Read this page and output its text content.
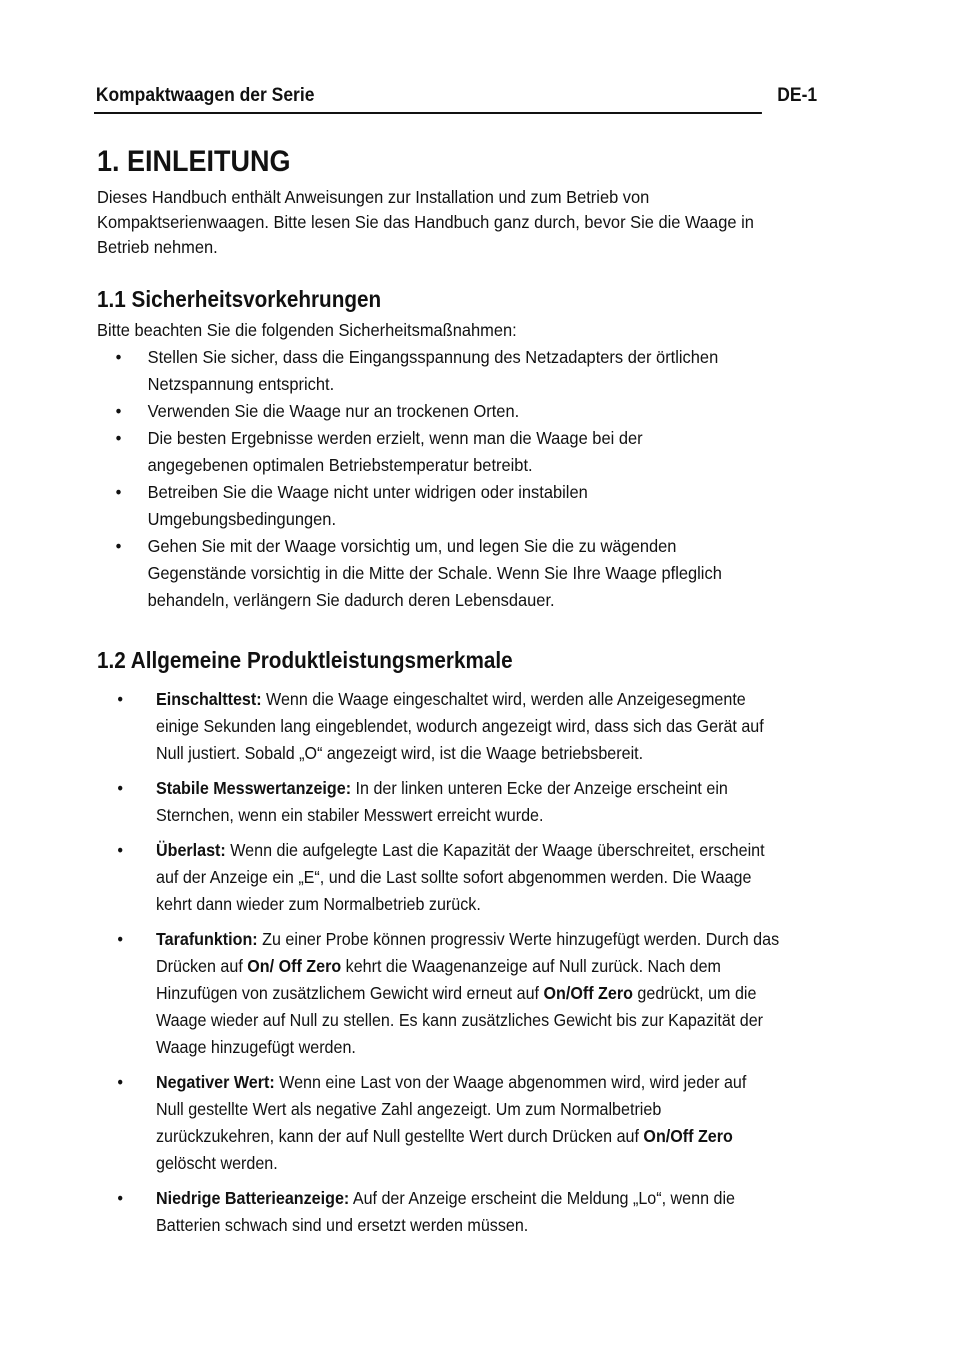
Kompaktwaagen der Serie	DE-1
1. EINLEITUNG
Dieses Handbuch enthält Anweisungen zur Installation und zum Betrieb von
Kompaktserienwaagen. Bitte lesen Sie das Handbuch ganz durch, bevor Sie die Waage in
Betrieb nehmen.
1.1 Sicherheitsvorkehrungen
Bitte beachten Sie die folgenden Sicherheitsmaßnahmen:
• Stellen Sie sicher, dass die Eingangsspannung des Netzadapters der örtlichen
Netzspannung entspricht.
• Verwenden Sie die Waage nur an trockenen Orten.
• Die besten Ergebnisse werden erzielt, wenn man die Waage bei der
angegebenen optimalen Betriebstemperatur betreibt.
• Betreiben Sie die Waage nicht unter widrigen oder instabilen
Umgebungsbedingungen.
• Gehen Sie mit der Waage vorsichtig um, und legen Sie die zu wägenden
Gegenstände vorsichtig in die Mitte der Schale. Wenn Sie Ihre Waage pfleglich
behandeln, verlängern Sie dadurch deren Lebensdauer.
1.2 Allgemeine Produktleistungsmerkmale
• Einschalttest: Wenn die Waage eingeschaltet wird, werden alle Anzeigesegmente
einige Sekunden lang eingeblendet, wodurch angezeigt wird, dass sich das Gerät auf
Null justiert. Sobald „O“ angezeigt wird, ist die Waage betriebsbereit.
• Stabile Messwertanzeige: In der linken unteren Ecke der Anzeige erscheint ein
Sternchen, wenn ein stabiler Messwert erreicht wurde.
• Überlast: Wenn die aufgelegte Last die Kapazität der Waage überschreitet, erscheint
auf der Anzeige ein „E“, und die Last sollte sofort abgenommen werden. Die Waage
kehrt dann wieder zum Normalbetrieb zurück.
• Tarafunktion: Zu einer Probe können progressiv Werte hinzugefügt werden. Durch das
Drücken auf On/ Off Zero kehrt die Waagenanzeige auf Null zurück. Nach dem
Hinzufügen von zusätzlichem Gewicht wird erneut auf On/Off Zero gedrückt, um die
Waage wieder auf Null zu stellen. Es kann zusätzliches Gewicht bis zur Kapazität der
Waage hinzugefügt werden.
• Negativer Wert: Wenn eine Last von der Waage abgenommen wird, wird jeder auf
Null gestellte Wert als negative Zahl angezeigt. Um zum Normalbetrieb
zurückzukehren, kann der auf Null gestellte Wert durch Drücken auf On/Off Zero
gelöscht werden.
• Niedrige Batterieanzeige: Auf der Anzeige erscheint die Meldung „Lo“, wenn die
Batterien schwach sind und ersetzt werden müssen.
